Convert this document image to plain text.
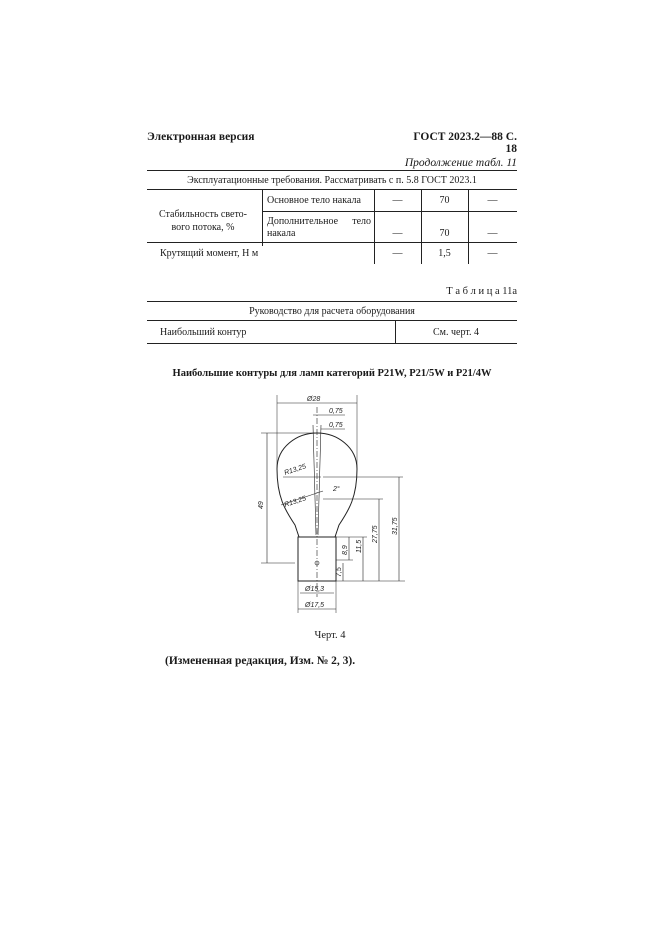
Электронная версия	ГОСТ 2023.2—88 С. 18
Продолжение табл. 11
Эксплуатационные требования. Рассматривать с п. 5.8 ГОСТ 2023.1
Стабильность свето-
вого потока, %
Основное тело накала	—	70	—
Дополнительное тело
накала	—	70	—
Крутящий момент, Н м	—	1,5	—
Т а б л и ц а 11а
Руководство для расчета оборудования
Наибольший контур	См. черт. 4
Наибольшие контуры для ламп категорий P21W, P21/5W и P21/4W
Ø28
0,75
0,75
R13,25
R13,25
2°
49
8,9 11,5
27,75 31,75
7,5
Ø15,3
Ø17,5
Черт. 4
(Измененная редакция, Изм. № 2, 3).
